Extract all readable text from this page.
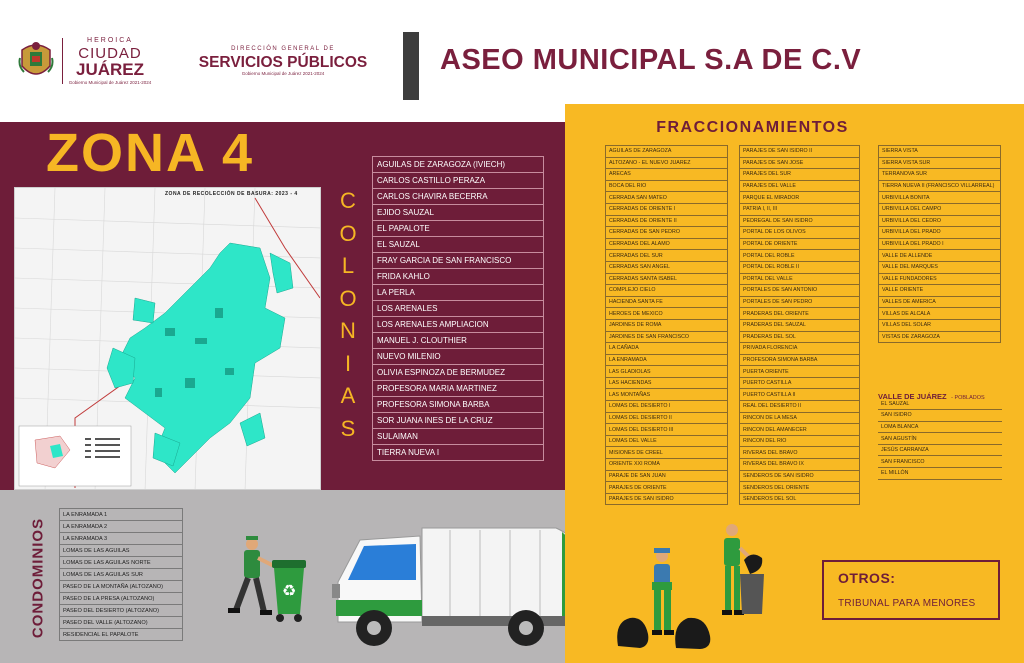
HEROICA
CIUDAD
JUÁREZ
Gobierno Municipal de Juárez 2021-2024
DIRECCIÓN GENERAL DE
SERVICIOS PÚBLICOS
Gobierno Municipal de Juárez 2021-2024	ASEO MUNICIPAL S.A DE C.V
ZONA 4
ZONA DE RECOLECCIÓN DE BASURA: 2023 - 4 C
O
L
O
N
I
A
S
AGUILAS DE ZARAGOZA (IVIECH)
CARLOS CASTILLO PERAZA
CARLOS CHAVIRA BECERRA
EJIDO SAUZAL
EL PAPALOTE
EL SAUZAL
FRAY GARCIA DE SAN FRANCISCO
FRIDA KAHLO
LA PERLA
LOS ARENALES
LOS ARENALES AMPLIACION
MANUEL J. CLOUTHIER
NUEVO MILENIO
OLIVIA ESPINOZA DE BERMUDEZ
PROFESORA MARIA MARTINEZ
PROFESORA SIMONA BARBA
SOR JUANA INES DE LA CRUZ
SULAIMAN
TIERRA NUEVA I
CONDOMINIOS
LA ENRAMADA 1
LA ENRAMADA 2
LA ENRAMADA 3
LOMAS DE LAS AGUILAS
LOMAS DE LAS AGUILAS NORTE
LOMAS DE LAS AGUILAS SUR
PASEO DE LA MONTAÑA (ALTOZANO)
PASEO DE LA PRESA (ALTOZANO)
PASEO DEL DESIERTO (ALTOZANO)
PASEO DEL VALLE (ALTOZANO)
RESIDENCIAL EL PAPALOTE
♻
FRACCIONAMIENTOS
AGUILAS DE ZARAGOZA
ALTOZANO - EL NUEVO JUAREZ
ARECAS
BOCA DEL RIO
CERRADA SAN MATEO
CERRADAS DE ORIENTE I
CERRADAS DE ORIENTE II
CERRADAS DE SAN PEDRO
CERRADAS DEL ALAMO
CERRADAS DEL SUR
CERRADAS SAN ANGEL
CERRADAS SANTA ISABEL
COMPLEJO CIELO
HACIENDA SANTA FE
HEROES DE MEXICO
JARDINES DE ROMA
JARDINES DE SAN FRANCISCO
LA CAÑADA
LA ENRAMADA
LAS GLADIOLAS
LAS HACIENDAS
LAS MONTAÑAS
LOMAS DEL DESIERTO I
LOMAS DEL DESIERTO II
LOMAS DEL DESIERTO III
LOMAS DEL VALLE
MISIONES DE CREEL
ORIENTE XXI ROMA
PARAJE DE SAN JUAN
PARAJES DE ORIENTE
PARAJES DE SAN ISIDRO
PARAJES DE SAN ISIDRO II
PARAJES DE SAN JOSE
PARAJES DEL SUR
PARAJES DEL VALLE
PARQUE EL MIRADOR
PATRIA I, II, III
PEDREGAL DE SAN ISIDRO
PORTAL DE LOS OLIVOS
PORTAL DE ORIENTE
PORTAL DEL ROBLE
PORTAL DEL ROBLE II
PORTAL DEL VALLE
PORTALES DE SAN ANTONIO
PORTALES DE SAN PEDRO
PRADERAS DEL ORIENTE
PRADERAS DEL SAUZAL
PRADERAS DEL SOL
PRIVADA FLORENCIA
PROFESORA SIMONA BARBA
PUERTA ORIENTE
PUERTO CASTILLA
PUERTO CASTILLA II
REAL DEL DESIERTO II
RINCON DE LA MESA
RINCON DEL AMANECER
RINCON DEL RIO
RIVERAS DEL BRAVO
RIVERAS DEL BRAVO IX
SENDEROS DE SAN ISIDRO
SENDEROS DEL ORIENTE
SENDEROS DEL SOL
SIERRA VISTA
SIERRA VISTA SUR
TERRANOVA SUR
TIERRA NUEVA II (FRANCISCO VILLARREAL)
URBIVILLA BONITA
URBIVILLA DEL CAMPO
URBIVILLA DEL CEDRO
URBIVILLA DEL PRADO
URBIVILLA DEL PRADO I
VALLE DE ALLENDE
VALLE DEL MARQUES
VALLE FUNDADORES
VALLE ORIENTE
VALLES DE AMERICA
VILLAS DE ALCALA
VILLAS DEL SOLAR
VISTAS DE ZARAGOZA
VALLE DE JUÁREZ - POBLADOS
EL SAUZAL
SAN ISIDRO
LOMA BLANCA
SAN AGUSTÍN
JESÚS CARRANZA
SAN FRANCISCO
EL MILLÓN
OTROS:
TRIBUNAL PARA MENORES
